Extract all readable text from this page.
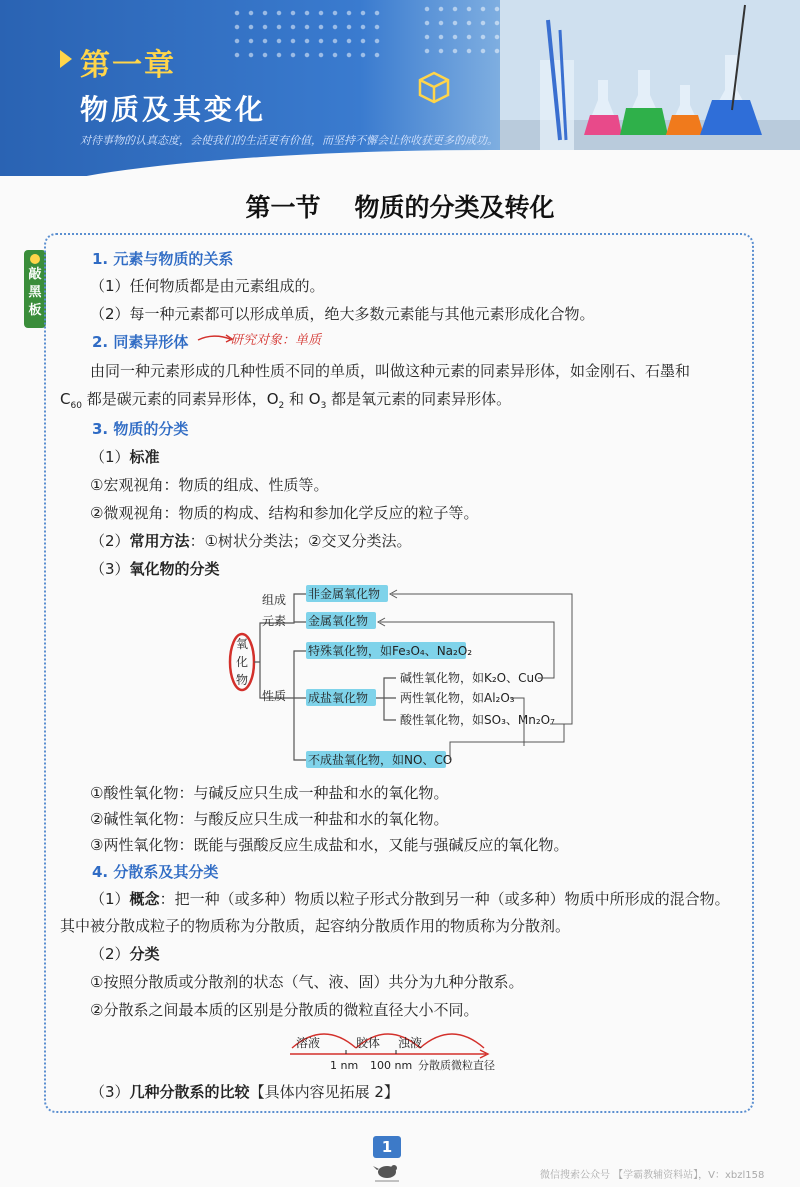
第一章
物质及其变化
对待事物的认真态度，会使我们的生活更有价值，而坚持不懈会让你收获更多的成功。
第一节 物质的分类及转化
敲
黑
板
1. 元素与物质的关系
（1）任何物质都是由元素组成的。
（2）每一种元素都可以形成单质，绝大多数元素能与其他元素形成化合物。
2. 同素异形体	研究对象：单质
由同一种元素形成的几种性质不同的单质，叫做这种元素的同素异形体，如金刚石、石墨和
$C_{60}$ 都是碳元素的同素异形体，$O_2$ 和 $O_3$ 都是氧元素的同素异形体。
3. 物质的分类
（1）标准
①宏观视角：物质的组成、性质等。
②微观视角：物质的构成、结构和参加化学反应的粒子等。
（2）常用方法：①树状分类法；②交叉分类法。
（3）氧化物的分类
氧
化
物
组成
元素
性质
非金属氧化物
金属氧化物
特殊氧化物，如Fe₃O₄、Na₂O₂
成盐氧化物
不成盐氧化物，如NO、CO
碱性氧化物，如K₂O、CuO
两性氧化物，如Al₂O₃
酸性氧化物，如SO₃、Mn₂O₇
①酸性氧化物：与碱反应只生成一种盐和水的氧化物。
②碱性氧化物：与酸反应只生成一种盐和水的氧化物。
③两性氧化物：既能与强酸反应生成盐和水，又能与强碱反应的氧化物。
4. 分散系及其分类
（1）概念：把一种（或多种）物质以粒子形式分散到另一种（或多种）物质中所形成的混合物。
其中被分散成粒子的物质称为分散质，起容纳分散质作用的物质称为分散剂。
（2）分类
①按照分散质或分散剂的状态（气、液、固）共分为九种分散系。
②分散系之间最本质的区别是分散质的微粒直径大小不同。
溶液	胶体 浊液
1 nm 100 nm 分散质微粒直径
（3）几种分散系的比较【具体内容见拓展 2】
1
微信搜索公众号 【学霸教辅资料站】，V：xbzl158
